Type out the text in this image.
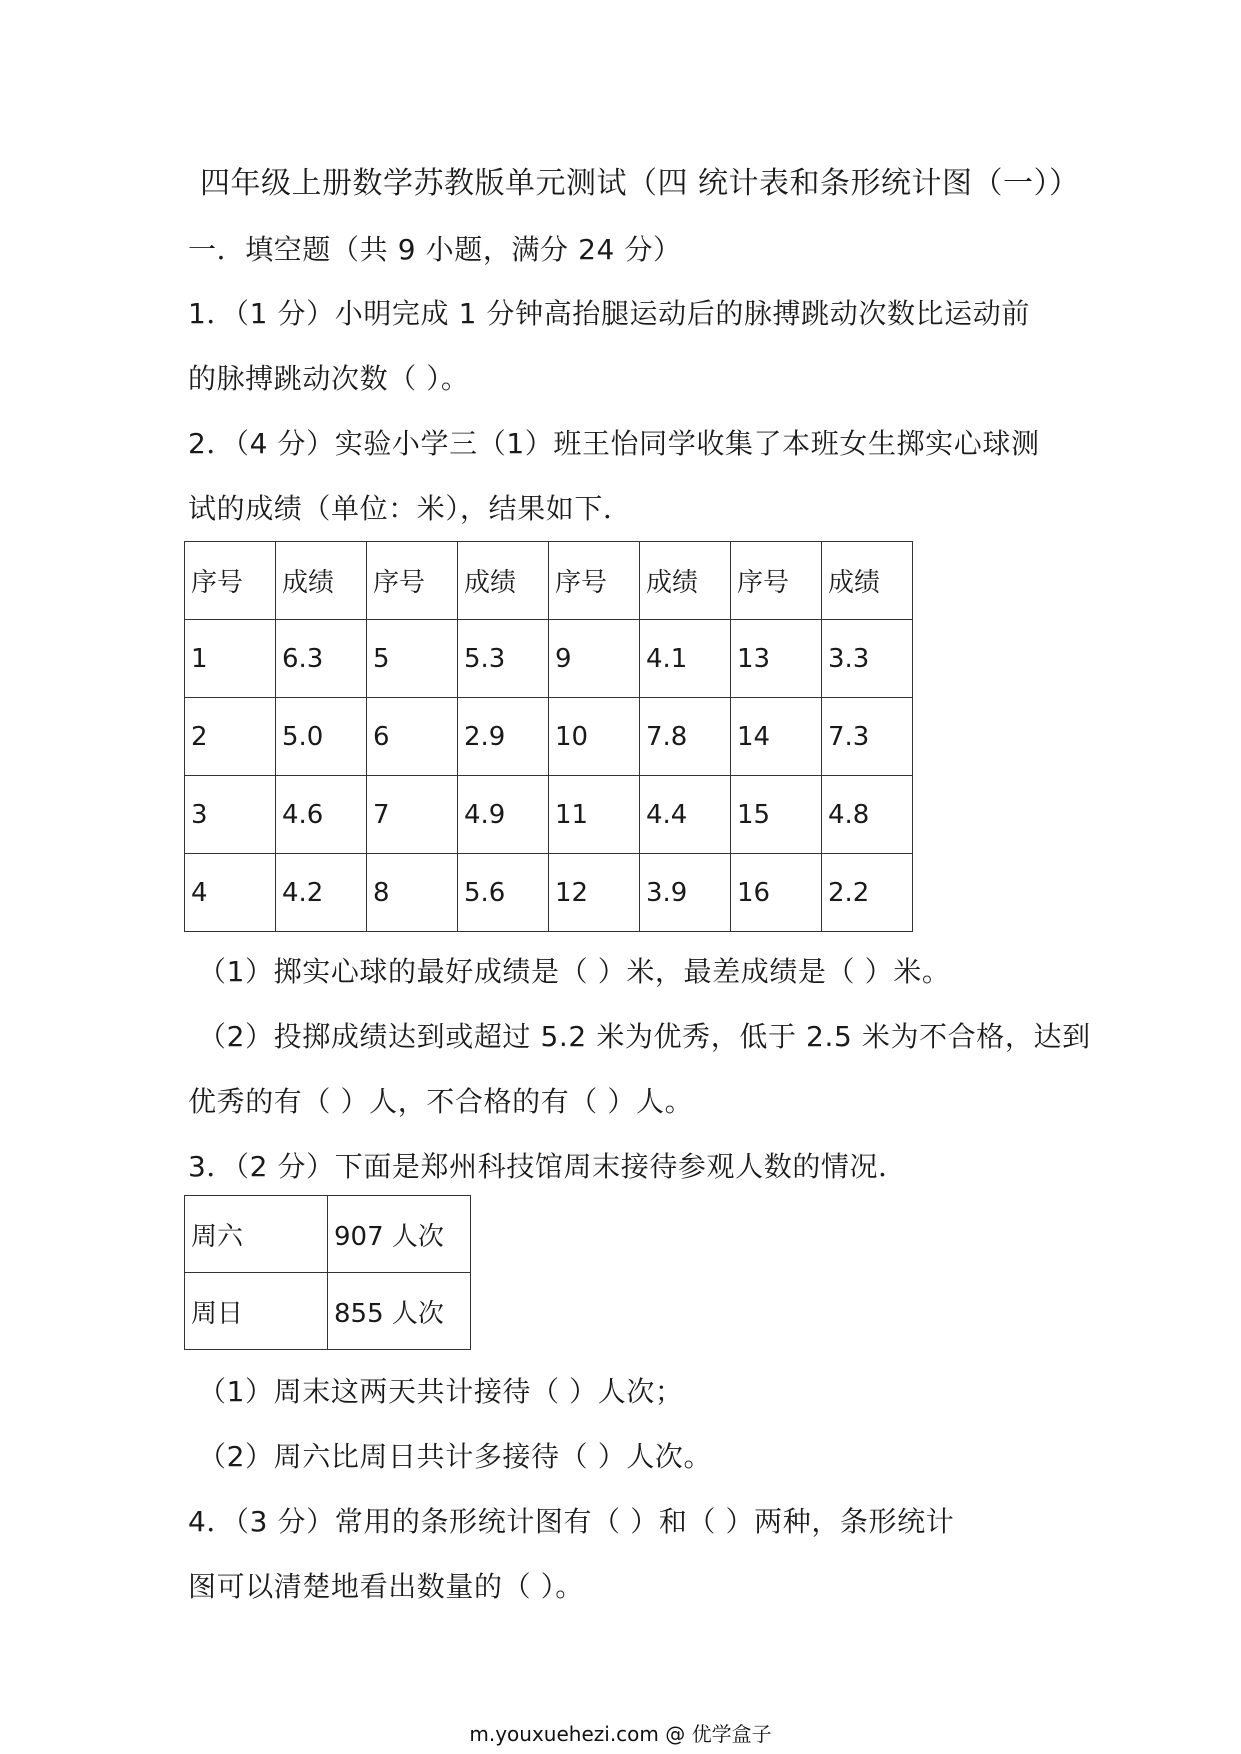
四年级上册数学苏教版单元测试（四 统计表和条形统计图（一））
一．填空题（共 9 小题，满分 24 分）
1．（1 分）小明完成 1 分钟高抬腿运动后的脉搏跳动次数比运动前
的脉搏跳动次数（ ）。
2．（4 分）实验小学三（1）班王怡同学收集了本班女生掷实心球测
试的成绩（单位：米），结果如下．
序号	成绩	序号	成绩	序号	成绩	序号	成绩
1	6.3	5	5.3	9	4.1	13	3.3
2	5.0	6	2.9	10	7.8	14	7.3
3	4.6	7	4.9	11	4.4	15	4.8
4	4.2	8	5.6	12	3.9	16	2.2
（1）掷实心球的最好成绩是（ ）米，最差成绩是（ ）米。
（2）投掷成绩达到或超过 5.2 米为优秀，低于 2.5 米为不合格，达到
优秀的有（ ）人，不合格的有（ ）人。
3．（2 分）下面是郑州科技馆周末接待参观人数的情况．
周六	907 人次
周日	855 人次
（1）周末这两天共计接待（ ）人次；
（2）周六比周日共计多接待（ ）人次。
4．（3 分）常用的条形统计图有（ ）和（ ）两种，条形统计
图可以清楚地看出数量的（ ）。
m.youxuehezi.com @ 优学盒子
